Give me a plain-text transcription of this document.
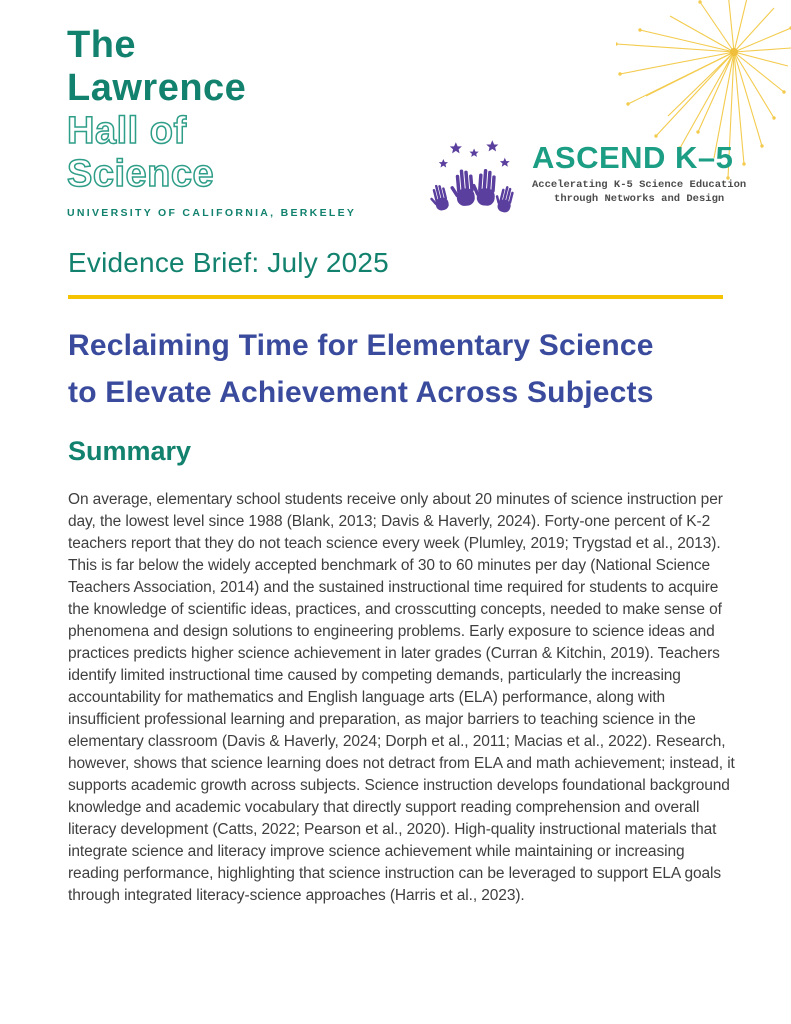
The
Lawrence
Hall of
Science
UNIVERSITY OF CALIFORNIA, BERKELEY
ASCEND K–5
Accelerating K-5 Science Education
through Networks and Design
Evidence Brief: July 2025
Reclaiming Time for Elementary Science
to Elevate Achievement Across Subjects
Summary

On average, elementary school students receive only about 20 minutes of science instruction per day, the lowest level since 1988 (Blank, 2013; Davis & Haverly, 2024). Forty-one percent of K-2 teachers report that they do not teach science every week (Plumley, 2019; Trygstad et al., 2013). This is far below the widely accepted benchmark of 30 to 60 minutes per day (National Science Teachers Association, 2014) and the sustained instructional time required for students to acquire the knowledge of scientific ideas, practices, and crosscutting concepts, needed to make sense of phenomena and design solutions to engineering problems. Early exposure to science ideas and practices predicts higher science achievement in later grades (Curran & Kitchin, 2019). Teachers identify limited instructional time caused by competing demands, particularly the increasing accountability for mathematics and English language arts (ELA) performance, along with insufficient professional learning and preparation, as major barriers to teaching science in the elementary classroom (Davis & Haverly, 2024; Dorph et al., 2011; Macias et al., 2022). Research, however, shows that science learning does not detract from ELA and math achievement; instead, it supports academic growth across subjects. Science instruction develops foundational background knowledge and academic vocabulary that directly support reading comprehension and overall literacy development (Catts, 2022; Pearson et al., 2020). High-quality instructional materials that integrate science and literacy improve science achievement while maintaining or increasing reading performance, highlighting that science instruction can be leveraged to support ELA goals through integrated literacy-science approaches (Harris et al., 2023).
